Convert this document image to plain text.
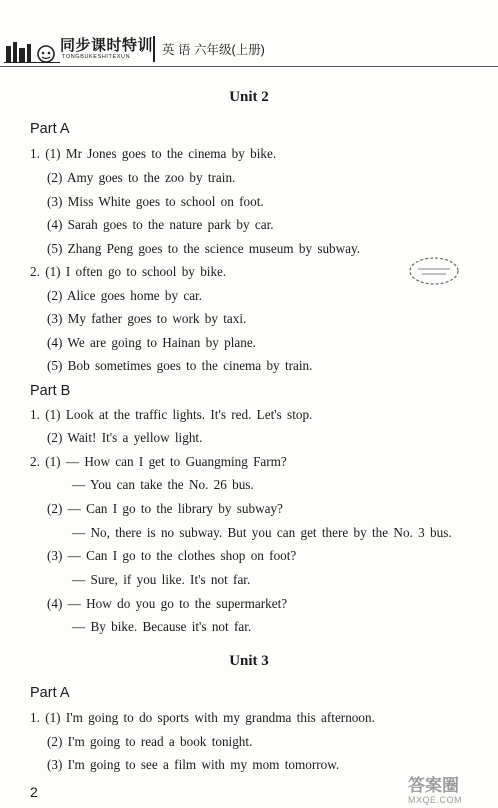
同步课时特训
TONGBUKESHITEXUN	英 语 六年级(上册)
Unit 2
Part A
1. (1) Mr Jones goes to the cinema by bike.
(2) Amy goes to the zoo by train.
(3) Miss White goes to school on foot.
(4) Sarah goes to the nature park by car.
(5) Zhang Peng goes to the science museum by subway.
2. (1) I often go to school by bike.
(2) Alice goes home by car.
(3) My father goes to work by taxi.
(4) We are going to Hainan by plane.
(5) Bob sometimes goes to the cinema by train.
Part B
1. (1) Look at the traffic lights. It's red. Let's stop.
(2) Wait! It's a yellow light.
2. (1) — How can I get to Guangming Farm?
— You can take the No. 26 bus.
(2) — Can I go to the library by subway?
— No, there is no subway. But you can get there by the No. 3 bus.
(3) — Can I go to the clothes shop on foot?
— Sure, if you like. It's not far.
(4) — How do you go to the supermarket?
— By bike. Because it's not far.
Unit 3
Part A
1. (1) I'm going to do sports with my grandma this afternoon.
(2) I'm going to read a book tonight.
(3) I'm going to see a film with my mom tomorrow.
2	答案圈
MXQE.COM
